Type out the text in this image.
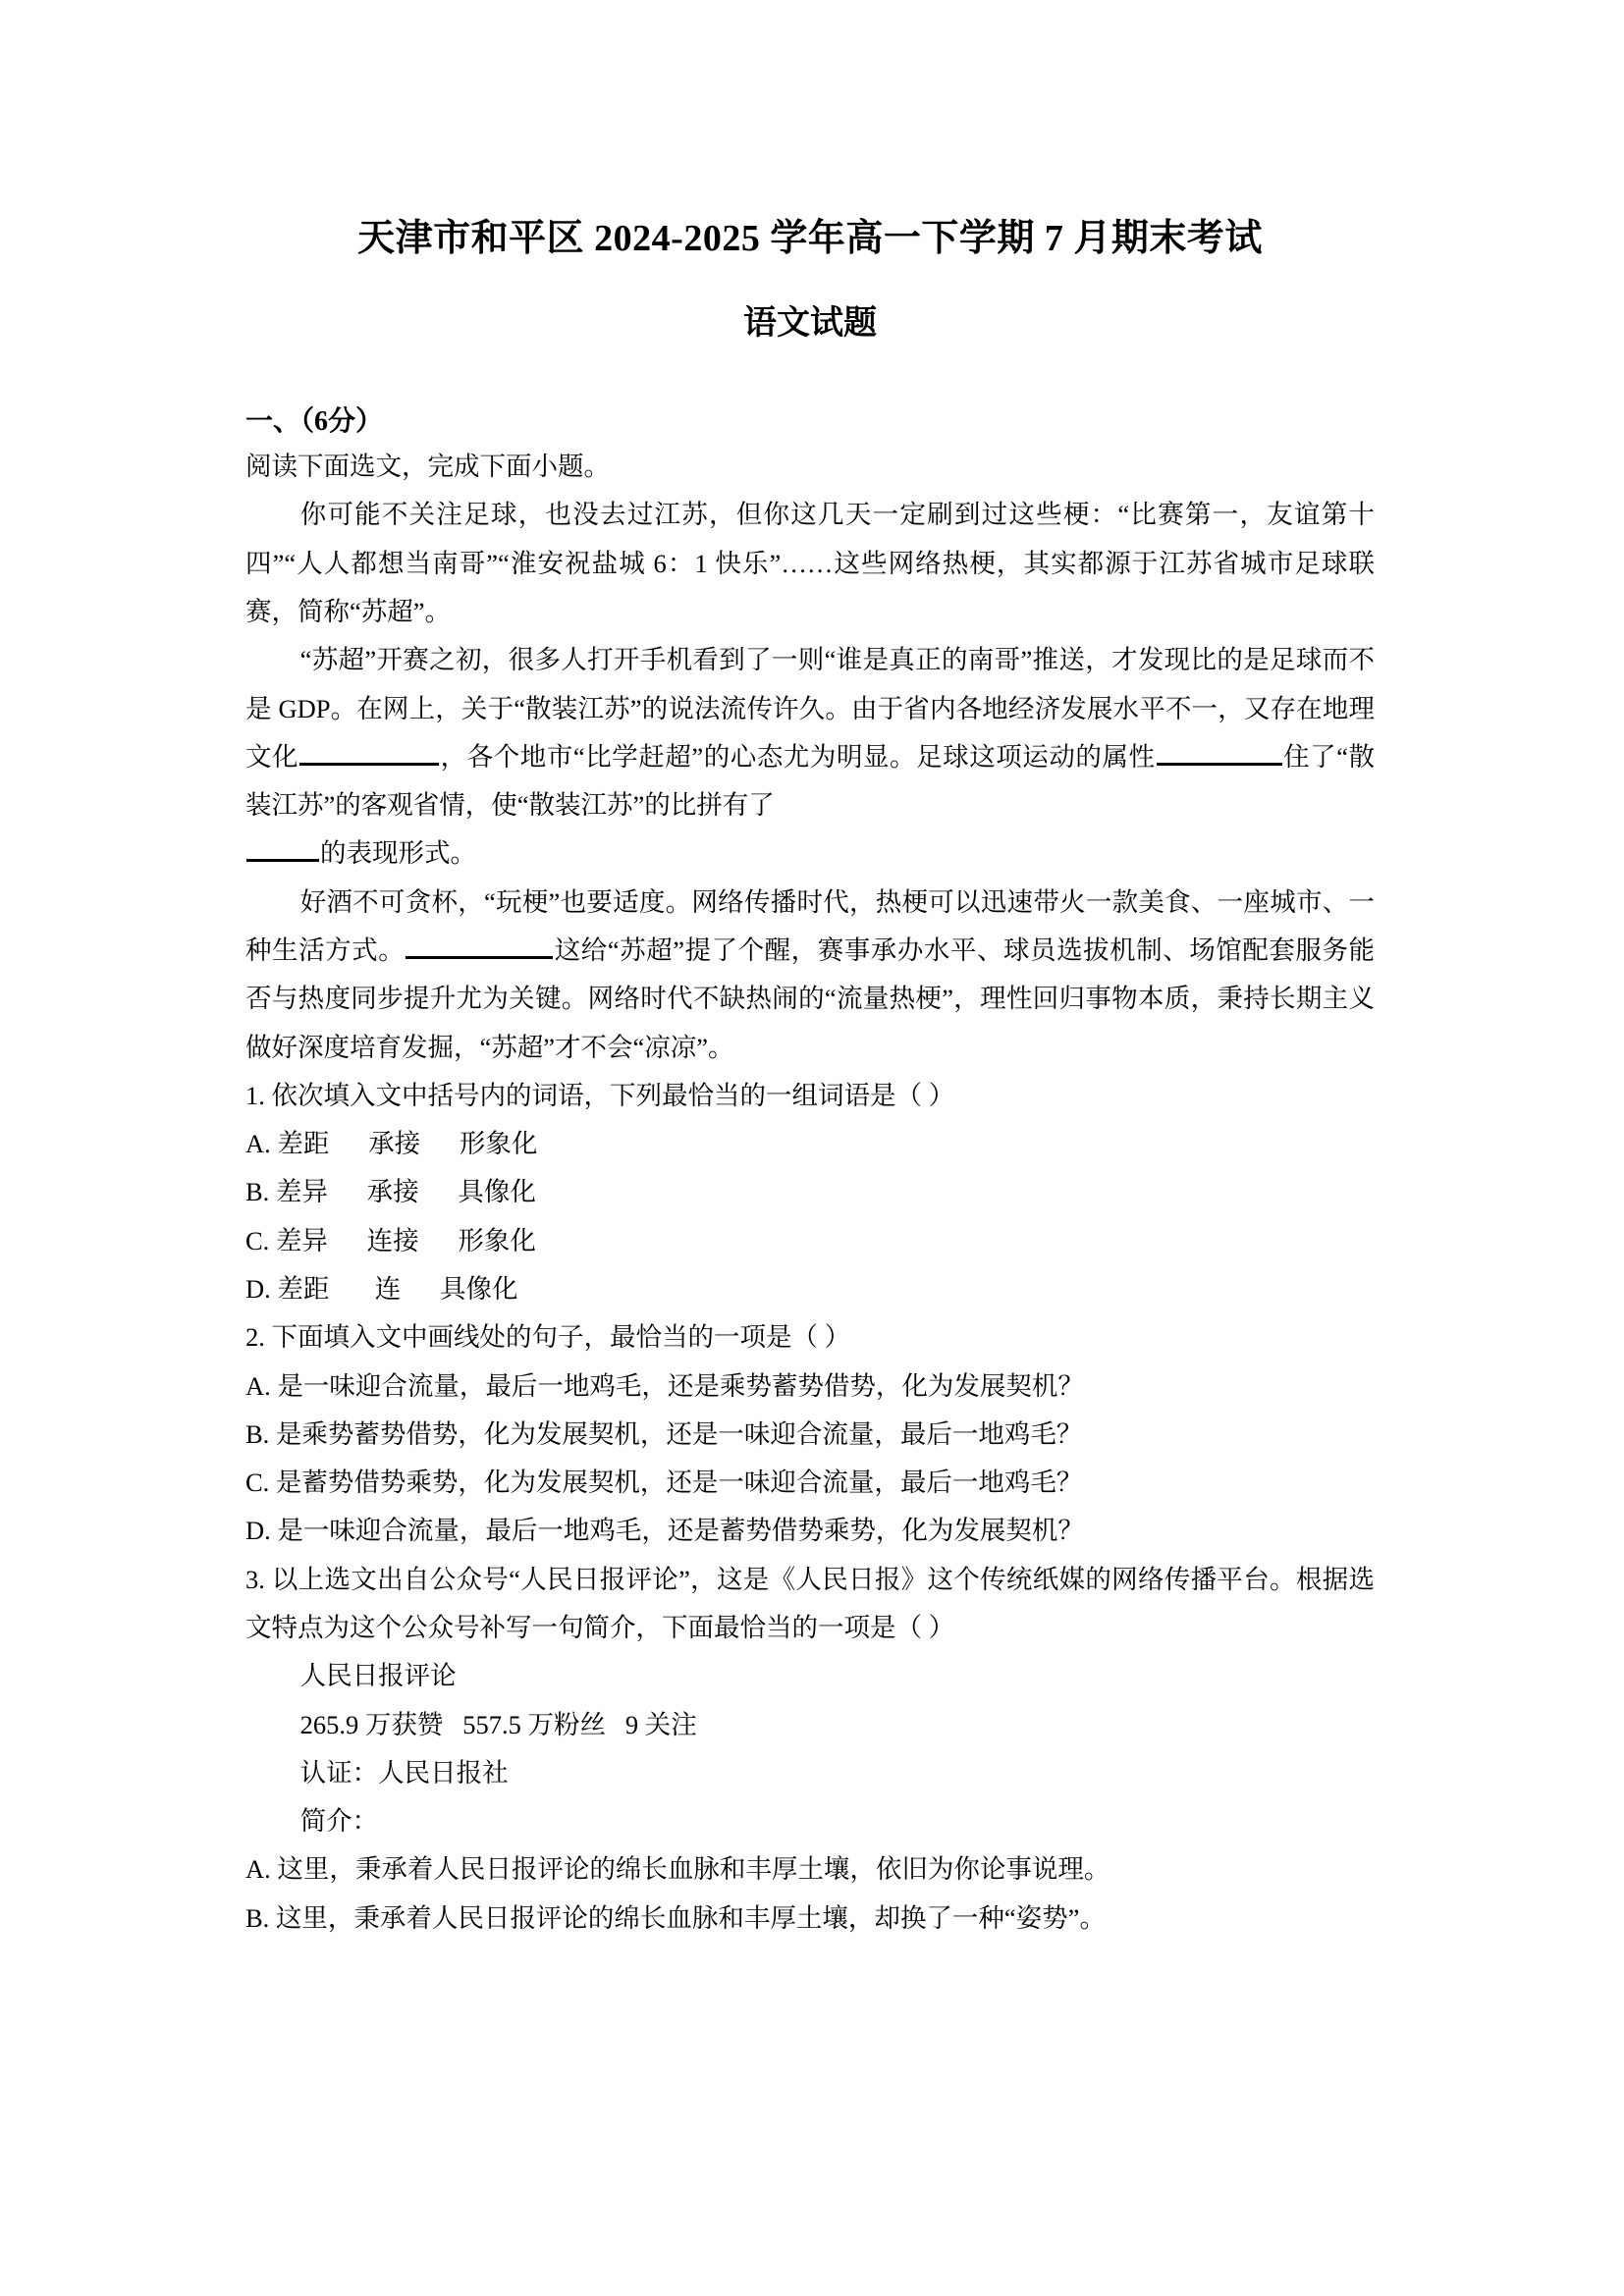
天津市和平区 2024-2025 学年高一下学期 7 月期末考试
语文试题
一、（6分）
阅读下面选文，完成下面小题。
你可能不关注足球，也没去过江苏，但你这几天一定刷到过这些梗：“比赛第一，友谊第十四”“人人都想当南哥”“淮安祝盐城 6：1 快乐”……这些网络热梗，其实都源于江苏省城市足球联赛，简称“苏超”。
“苏超”开赛之初，很多人打开手机看到了一则“谁是真正的南哥”推送，才发现比的是足球而不是 GDP。在网上，关于“散装江苏”的说法流传许久。由于省内各地经济发展水平不一，又存在地理文化	，各个地市“比学赶超”的心态尤为明显。足球这项运动的属性	住了“散装江苏”的客观省情，使“散装江苏”的比拼有了
的表现形式。
好酒不可贪杯，“玩梗”也要适度。网络传播时代，热梗可以迅速带火一款美食、一座城市、一种生活方式。	这给“苏超”提了个醒，赛事承办水平、球员选拔机制、场馆配套服务能否与热度同步提升尤为关键。网络时代不缺热闹的“流量热梗”，理性回归事物本质，秉持长期主义做好深度培育发掘，“苏超”才不会“凉凉”。
1. 依次填入文中括号内的词语，下列最恰当的一组词语是（ ）
A. 差距      承接      形象化
B. 差异      承接      具像化
C. 差异      连接      形象化
D. 差距       连      具像化
2. 下面填入文中画线处的句子，最恰当的一项是（ ）
A. 是一味迎合流量，最后一地鸡毛，还是乘势蓄势借势，化为发展契机？
B. 是乘势蓄势借势，化为发展契机，还是一味迎合流量，最后一地鸡毛？
C. 是蓄势借势乘势，化为发展契机，还是一味迎合流量，最后一地鸡毛？
D. 是一味迎合流量，最后一地鸡毛，还是蓄势借势乘势，化为发展契机？
3. 以上选文出自公众号“人民日报评论”，这是《人民日报》这个传统纸媒的网络传播平台。根据选文特点为这个公众号补写一句简介，下面最恰当的一项是（ ）
人民日报评论
265.9 万获赞   557.5 万粉丝   9 关注
认证：人民日报社
简介：
A. 这里，秉承着人民日报评论的绵长血脉和丰厚土壤，依旧为你论事说理。
B. 这里，秉承着人民日报评论的绵长血脉和丰厚土壤，却换了一种“姿势”。
